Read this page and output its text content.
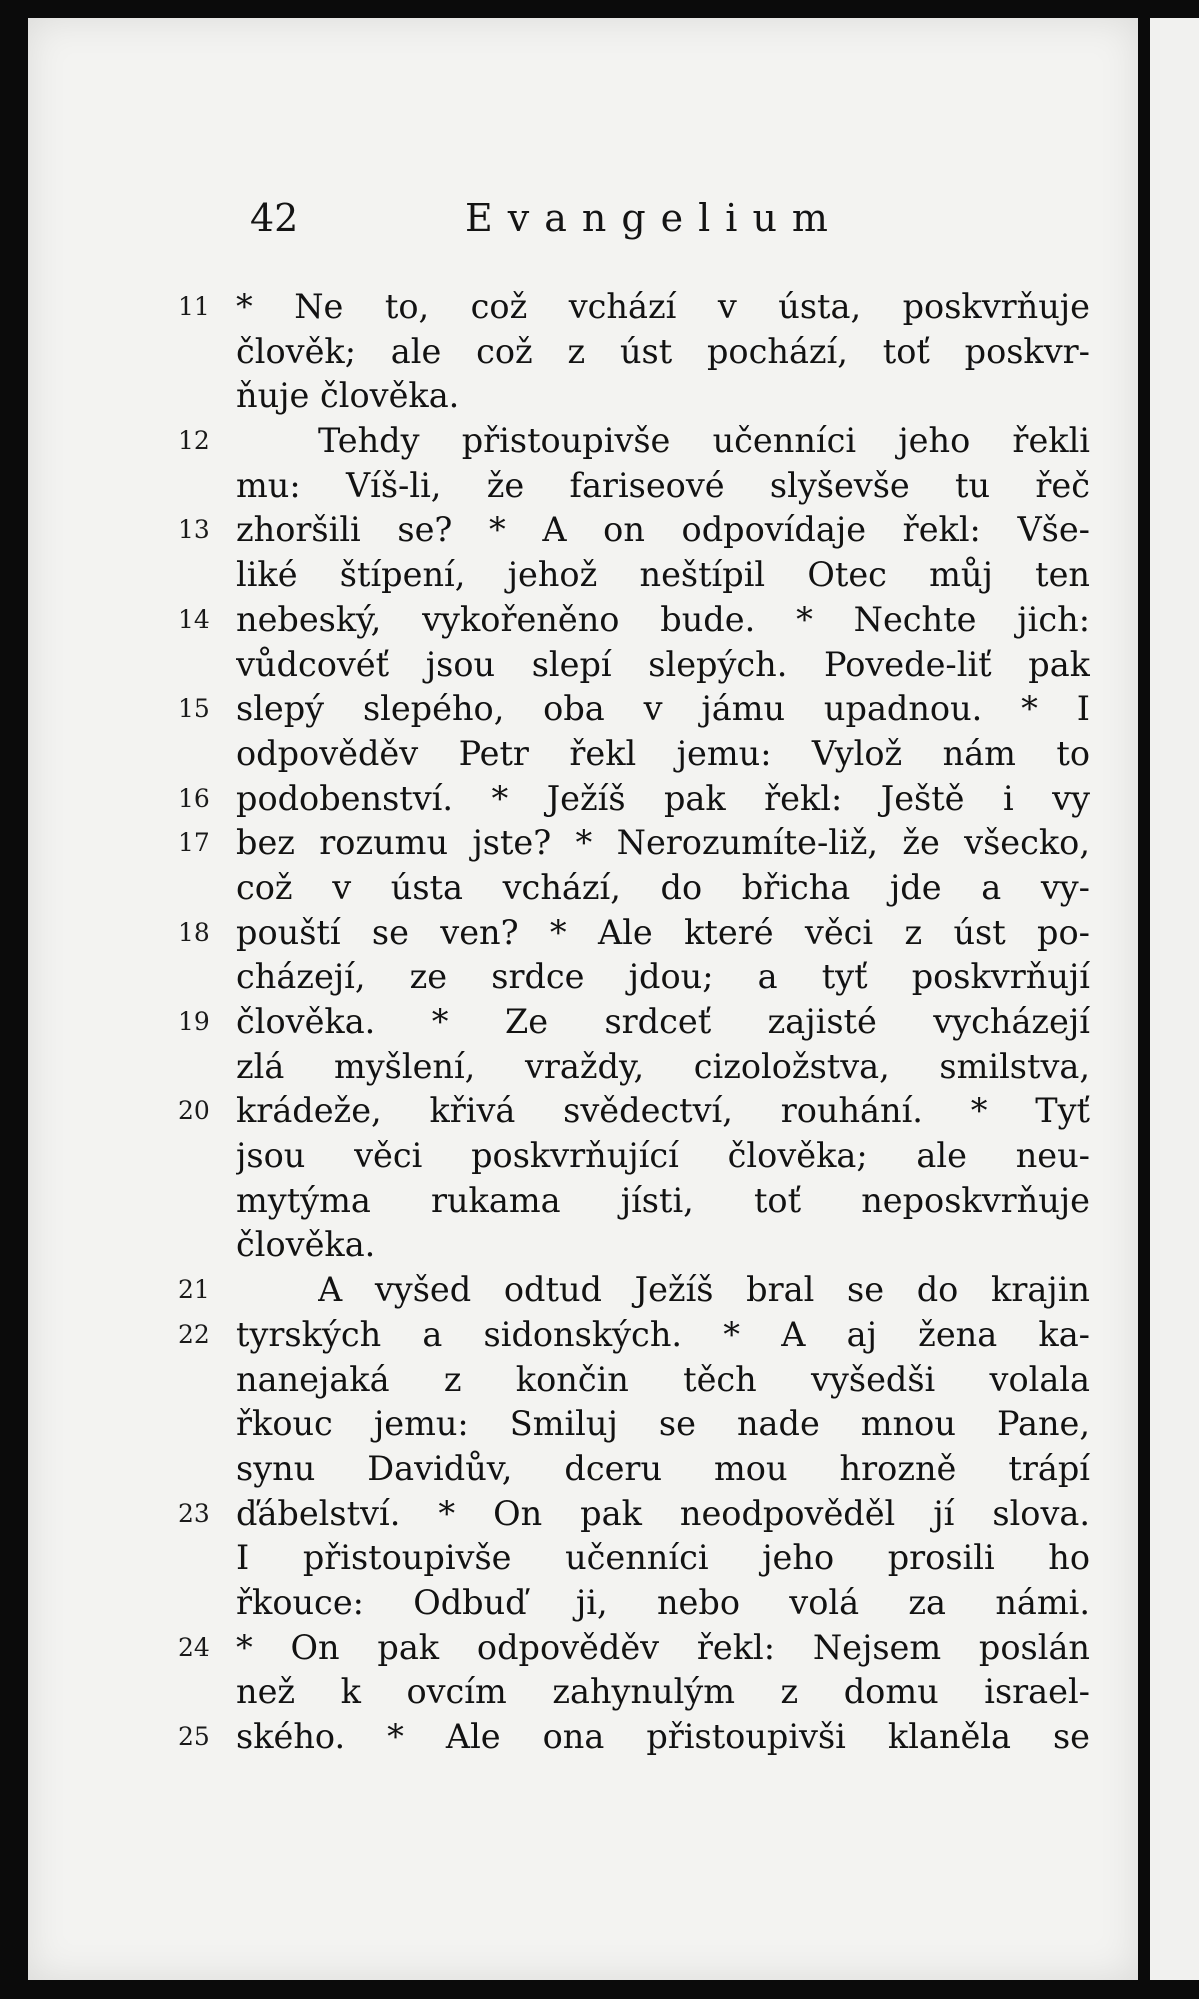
42	Evangelium
11 * Ne to, což vchází v ústa, poskvrňuje
člověk; ale což z úst pochází, toť poskvr-
ňuje člověka.
12	Tehdy přistoupivše učenníci jeho řekli
mu: Víš-li, že fariseové slyševše tu řeč
13 zhoršili se? * A on odpovídaje řekl: Vše-
liké štípení, jehož neštípil Otec můj ten
14 nebeský, vykořeněno bude. * Nechte jich:
vůdcovéť jsou slepí slepých. Povede-liť pak
15 slepý slepého, oba v jámu upadnou. * I
odpověděv Petr řekl jemu: Vylož nám to
16 podobenství. * Ježíš pak řekl: Ještě i vy
17 bez rozumu jste? * Nerozumíte-liž, že všecko,
což v ústa vchází, do břicha jde a vy-
18 pouští se ven? * Ale které věci z úst po-
cházejí, ze srdce jdou; a tyť poskvrňují
19 člověka. * Ze srdceť zajisté vycházejí
zlá myšlení, vraždy, cizoložstva, smilstva,
20 krádeže, křivá svědectví, rouhání. * Tyť
jsou věci poskvrňující člověka; ale neu-
mytýma rukama jísti, toť neposkvrňuje
člověka.
21	A vyšed odtud Ježíš bral se do krajin
22 tyrských a sidonských. * A aj žena ka-
nanejaká z končin těch vyšedši volala
řkouc jemu: Smiluj se nade mnou Pane,
synu Davidův, dceru mou hrozně trápí
23 ďábelství. * On pak neodpověděl jí slova.
I přistoupivše učenníci jeho prosili ho
řkouce: Odbuď ji, nebo volá za námi.
24 * On pak odpověděv řekl: Nejsem poslán
než k ovcím zahynulým z domu israel-
25 ského. * Ale ona přistoupivši klaněla se
